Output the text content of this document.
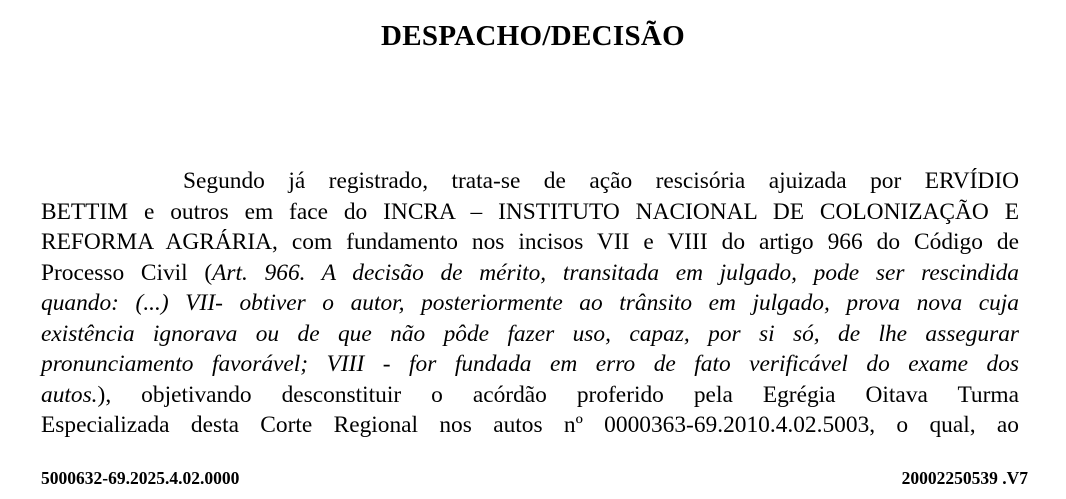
DESPACHO/DECISÃO
Segundo já registrado, trata-se de ação rescisória ajuizada por ERVÍDIO
BETTIM e outros em face do INCRA – INSTITUTO NACIONAL DE COLONIZAÇÃO E
REFORMA AGRÁRIA, com fundamento nos incisos VII e VIII do artigo 966 do Código de
Processo Civil (Art. 966. A decisão de mérito, transitada em julgado, pode ser rescindida
quando: (...) VII- obtiver o autor, posteriormente ao trânsito em julgado, prova nova cuja
existência ignorava ou de que não pôde fazer uso, capaz, por si só, de lhe assegurar
pronunciamento favorável; VIII - for fundada em erro de fato verificável do exame dos
autos.), objetivando desconstituir o acórdão proferido pela Egrégia Oitava Turma
Especializada desta Corte Regional nos autos nº 0000363-69.2010.4.02.5003, o qual, ao
5000632-69.2025.4.02.0000	20002250539 .V7
